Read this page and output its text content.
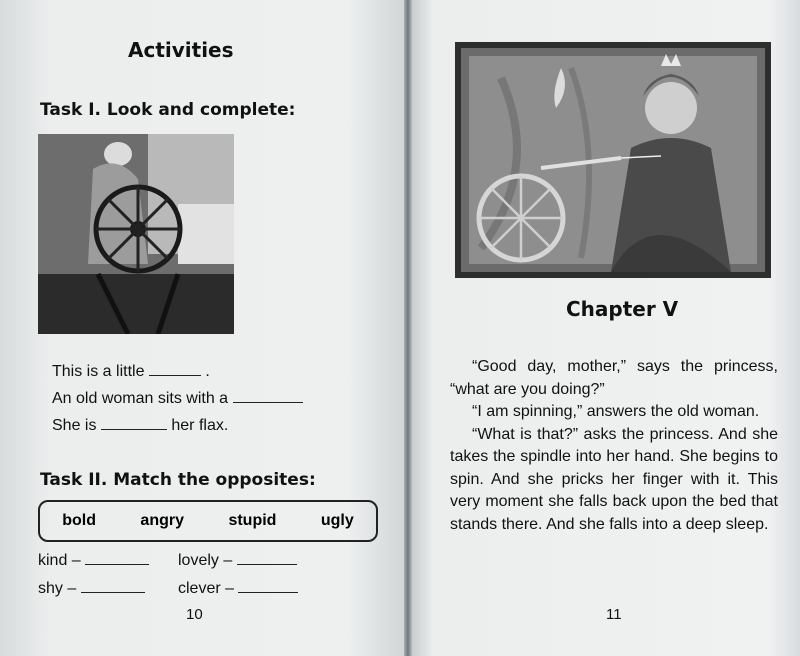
Activities
Task I. Look and complete:
This is a little	.
An old woman sits with a
She is	her flax.
Task II. Match the opposites:
bold	angry	stupid	ugly
kind –	lovely –
shy –	clever –
10
Chapter V

“Good day, mother,” says the princess, “what are you doing?”

“I am spinning,” answers the old woman.

“What is that?” asks the princess. And she takes the spindle into her hand. She begins to spin. And she pricks her finger with it. This very moment she falls back upon the bed that stands there. And she falls into a deep sleep.

11
